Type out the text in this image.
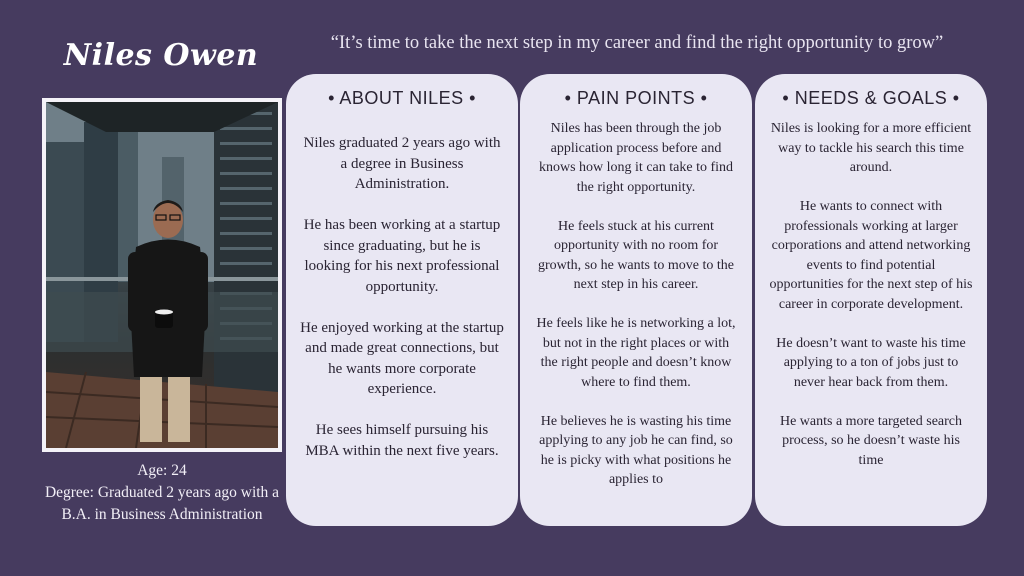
Niles Owen	“It’s time to take the next step in my career and find the right opportunity to grow”
Age: 24
Degree: Graduated 2 years ago with a B.A. in Business Administration
• ABOUT NILES •

Niles graduated 2 years ago with a degree in Business Administration.

He has been working at a startup since graduating, but he is looking for his next professional opportunity.

He enjoyed working at the startup and made great connections, but he wants more corporate experience.

He sees himself pursuing his MBA within the next five years.

• PAIN POINTS •

Niles has been through the job application process before and knows how long it can take to find the right opportunity.

He feels stuck at his current opportunity with no room for growth, so he wants to move to the next step in his career.

He feels like he is networking a lot, but not in the right places or with the right people and doesn’t know where to find them.

He believes he is wasting his time applying to any job he can find, so he is picky with what positions he applies to

• NEEDS & GOALS •

Niles is looking for a more efficient way to tackle his search this time around.

He wants to connect with professionals working at larger corporations and attend networking events to find potential opportunities for the next step of his career in corporate development.

He doesn’t want to waste his time applying to a ton of jobs just to never hear back from them.

He wants a more targeted search process, so he doesn’t waste his time
